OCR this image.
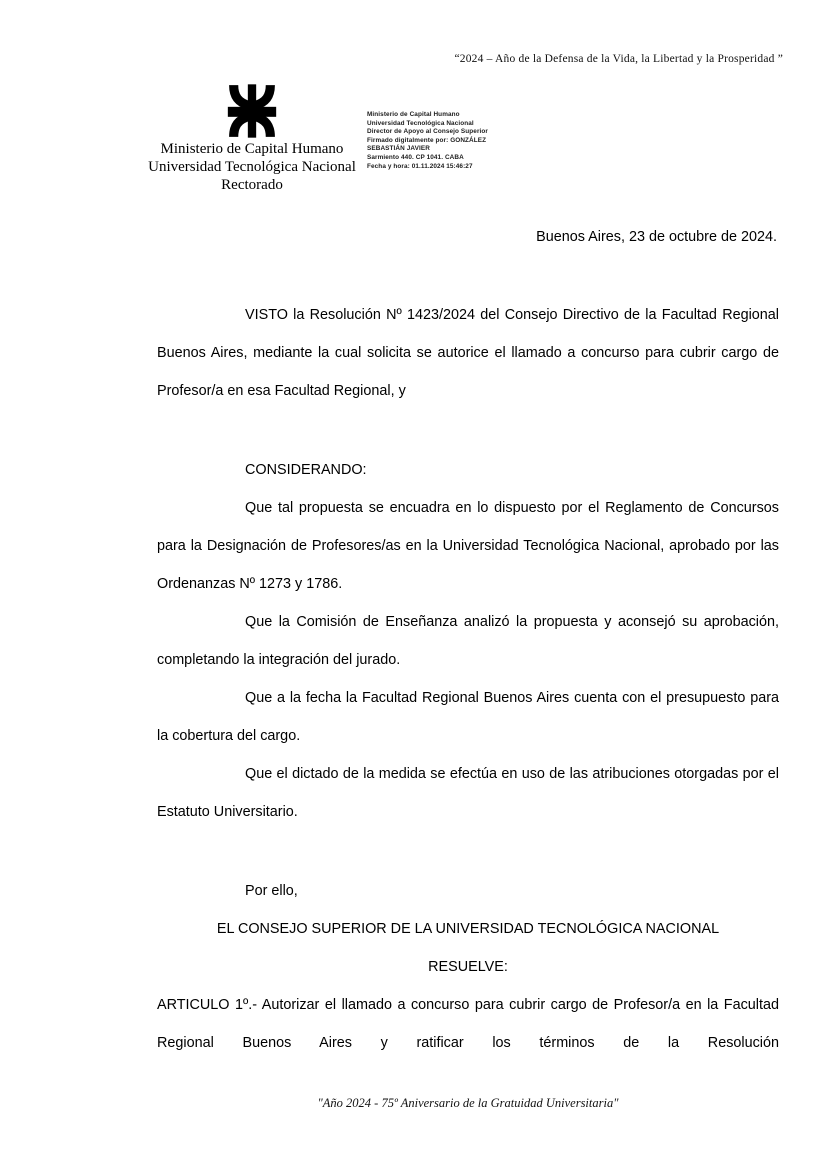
“2024 – Año de la Defensa de la Vida, la Libertad y la Prosperidad ”
Ministerio de Capital Humano
Universidad Tecnológica Nacional
Rectorado
Ministerio de Capital Humano
Universidad Tecnológica Nacional
Director de Apoyo al Consejo Superior
Firmado digitalmente por: GONZÁLEZ
SEBASTIÁN JAVIER
Sarmiento 440. CP 1041. CABA
Fecha y hora: 01.11.2024 15:46:27
Buenos Aires, 23 de octubre de 2024.

VISTO la Resolución Nº 1423/2024 del Consejo Directivo de la Facultad Regional Buenos Aires, mediante la cual solicita se autorice el llamado a concurso para cubrir cargo de Profesor/a en esa Facultad Regional, y

CONSIDERANDO:

Que tal propuesta se encuadra en lo dispuesto por el Reglamento de Concursos para la Designación de Profesores/as en la Universidad Tecnológica Nacional, aprobado por las Ordenanzas Nº 1273 y 1786.

Que la Comisión de Enseñanza analizó la propuesta y aconsejó su aprobación, completando la integración del jurado.

Que a la fecha la Facultad Regional Buenos Aires cuenta con el presupuesto para la cobertura del cargo.

Que el dictado de la medida se efectúa en uso de las atribuciones otorgadas por el Estatuto Universitario.

Por ello,

EL CONSEJO SUPERIOR DE LA UNIVERSIDAD TECNOLÓGICA NACIONAL

RESUELVE:

ARTICULO 1º.- Autorizar el llamado a concurso para cubrir cargo de Profesor/a en la Facultad Regional Buenos Aires y ratificar los términos de la Resolución

"Año 2024 - 75º Aniversario de la Gratuidad Universitaria"
